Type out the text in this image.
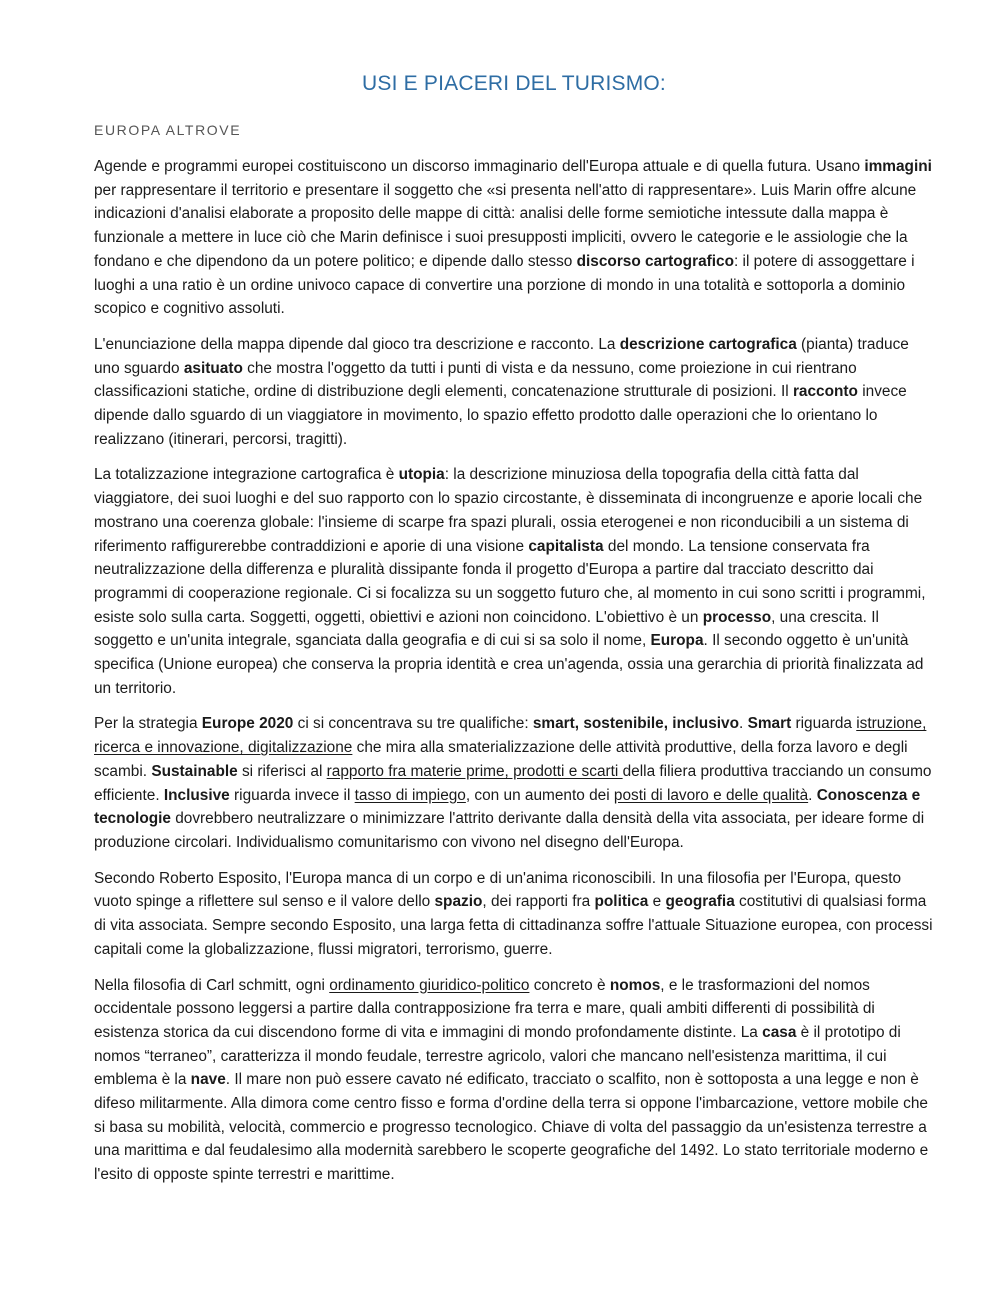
USI E PIACERI DEL TURISMO:
EUROPA ALTROVE

Agende e programmi europei costituiscono un discorso immaginario dell'Europa attuale e di quella futura. Usano immagini per rappresentare il territorio e presentare il soggetto che «si presenta nell'atto di rappresentare». Luis Marin offre alcune indicazioni d'analisi elaborate a proposito delle mappe di città: analisi delle forme semiotiche intessute dalla mappa è funzionale a mettere in luce ciò che Marin definisce i suoi presupposti impliciti, ovvero le categorie e le assiologie che la fondano e che dipendono da un potere politico; e dipende dallo stesso discorso cartografico: il potere di assoggettare i luoghi a una ratio è un ordine univoco capace di convertire una porzione di mondo in una totalità e sottoporla a dominio scopico e cognitivo assoluti.

L'enunciazione della mappa dipende dal gioco tra descrizione e racconto. La descrizione cartografica (pianta) traduce uno sguardo asituato che mostra l'oggetto da tutti i punti di vista e da nessuno, come proiezione in cui rientrano classificazioni statiche, ordine di distribuzione degli elementi, concatenazione strutturale di posizioni. Il racconto invece dipende dallo sguardo di un viaggiatore in movimento, lo spazio effetto prodotto dalle operazioni che lo orientano lo realizzano (itinerari, percorsi, tragitti).

La totalizzazione integrazione cartografica è utopia: la descrizione minuziosa della topografia della città fatta dal viaggiatore, dei suoi luoghi e del suo rapporto con lo spazio circostante, è disseminata di incongruenze e aporie locali che mostrano una coerenza globale: l'insieme di scarpe fra spazi plurali, ossia eterogenei e non riconducibili a un sistema di riferimento raffigurerebbe contraddizioni e aporie di una visione capitalista del mondo. La tensione conservata fra neutralizzazione della differenza e pluralità dissipante fonda il progetto d'Europa a partire dal tracciato descritto dai programmi di cooperazione regionale. Ci si focalizza su un soggetto futuro che, al momento in cui sono scritti i programmi, esiste solo sulla carta. Soggetti, oggetti, obiettivi e azioni non coincidono. L'obiettivo è un processo, una crescita. Il soggetto e un'unita integrale, sganciata dalla geografia e di cui si sa solo il nome, Europa. Il secondo oggetto è un'unità specifica (Unione europea) che conserva la propria identità e crea un'agenda, ossia una gerarchia di priorità finalizzata ad un territorio.

Per la strategia Europe 2020 ci si concentrava su tre qualifiche: smart, sostenibile, inclusivo. Smart riguarda istruzione, ricerca e innovazione, digitalizzazione che mira alla smaterializzazione delle attività produttive, della forza lavoro e degli scambi. Sustainable si riferisci al rapporto fra materie prime, prodotti e scarti della filiera produttiva tracciando un consumo efficiente. Inclusive riguarda invece il tasso di impiego, con un aumento dei posti di lavoro e delle qualità. Conoscenza e tecnologie dovrebbero neutralizzare o minimizzare l'attrito derivante dalla densità della vita associata, per ideare forme di produzione circolari. Individualismo comunitarismo con vivono nel disegno dell'Europa.

Secondo Roberto Esposito, l'Europa manca di un corpo e di un'anima riconoscibili. In una filosofia per l'Europa, questo vuoto spinge a riflettere sul senso e il valore dello spazio, dei rapporti fra politica e geografia costitutivi di qualsiasi forma di vita associata. Sempre secondo Esposito, una larga fetta di cittadinanza soffre l'attuale Situazione europea, con processi capitali come la globalizzazione, flussi migratori, terrorismo, guerre.

Nella filosofia di Carl schmitt, ogni ordinamento giuridico-politico concreto è nomos, e le trasformazioni del nomos occidentale possono leggersi a partire dalla contrapposizione fra terra e mare, quali ambiti differenti di possibilità di esistenza storica da cui discendono forme di vita e immagini di mondo profondamente distinte. La casa è il prototipo di nomos “terraneo”, caratterizza il mondo feudale, terrestre agricolo, valori che mancano nell'esistenza marittima, il cui emblema è la nave. Il mare non può essere cavato né edificato, tracciato o scalfito, non è sottoposta a una legge e non è difeso militarmente. Alla dimora come centro fisso e forma d'ordine della terra si oppone l'imbarcazione, vettore mobile che si basa su mobilità, velocità, commercio e progresso tecnologico. Chiave di volta del passaggio da un'esistenza terrestre a una marittima e dal feudalesimo alla modernità sarebbero le scoperte geografiche del 1492. Lo stato territoriale moderno e l'esito di opposte spinte terrestri e marittime.
